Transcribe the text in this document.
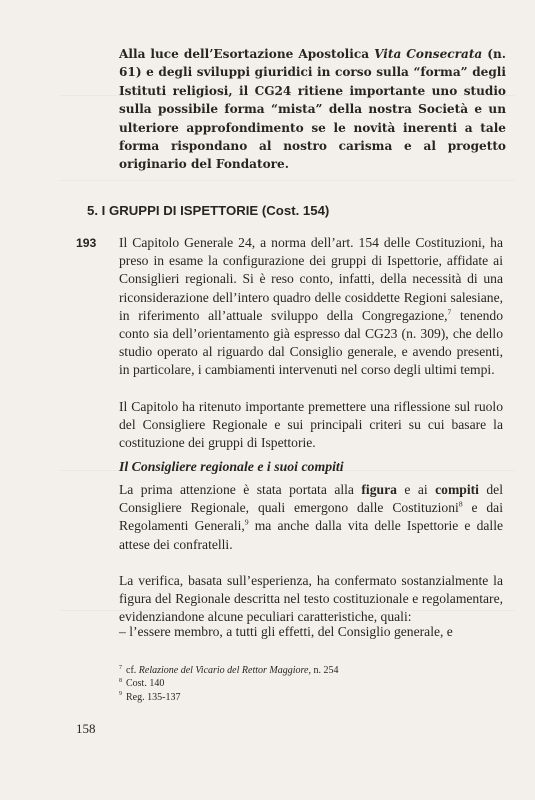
Alla luce dell’Esortazione Apostolica Vita Consecrata (n. 61) e degli sviluppi giuridici in corso sulla “forma” degli Istituti religiosi, il CG24 ritiene importante uno studio sulla possibile forma “mista” della nostra Società e un ulteriore approfondimento se le novità inerenti a tale forma rispondano al nostro carisma e al progetto originario del Fondatore.
5. I GRUPPI DI ISPETTORIE (Cost. 154)
193 Il Capitolo Generale 24, a norma dell’art. 154 delle Costituzioni, ha preso in esame la configurazione dei gruppi di Ispettorie, affidate ai Consiglieri regionali. Si è reso conto, infatti, della necessità di una riconsiderazione dell’intero quadro delle cosiddette Regioni salesiane, in riferimento all’attuale sviluppo della Congregazione,$^7$ tenendo conto sia dell’orientamento già espresso dal CG23 (n. 309), che dello studio operato al riguardo dal Consiglio generale, e avendo presenti, in particolare, i cambiamenti intervenuti nel corso degli ultimi tempi.

Il Capitolo ha ritenuto importante premettere una riflessione sul ruolo del Consigliere Regionale e sui principali criteri su cui basare la costituzione dei gruppi di Ispettorie.

Il Consigliere regionale e i suoi compiti

La prima attenzione è stata portata alla figura e ai compiti del Consigliere Regionale, quali emergono dalle Costituzioni$^8$ e dai Regolamenti Generali,$^9$ ma anche dalla vita delle Ispettorie e dalle attese dei confratelli.

La verifica, basata sull’esperienza, ha confermato sostanzialmente la figura del Regionale descritta nel testo costituzionale e regolamentare, evidenziandone alcune peculiari caratteristiche, quali:

– l’essere membro, a tutti gli effetti, del Consiglio generale, e

$^7$ cf. Relazione del Vicario del Rettor Maggiore, n. 254
$^8$ Cost. 140
$^9$ Reg. 135-137
158
